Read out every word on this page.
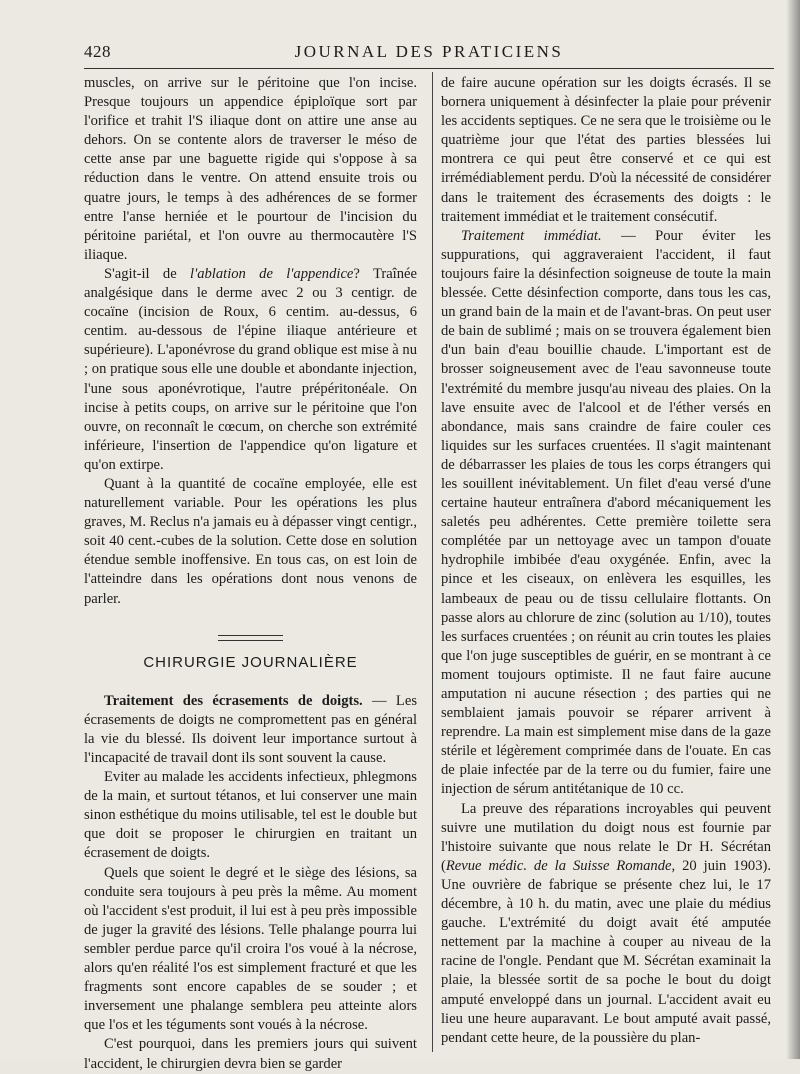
428	JOURNAL DES PRATICIENS

muscles, on arrive sur le péritoine que l'on incise. Presque toujours un appendice épiploïque sort par l'orifice et trahit l'S iliaque dont on attire une anse au dehors. On se contente alors de traverser le méso de cette anse par une baguette rigide qui s'oppose à sa réduction dans le ventre. On attend ensuite trois ou quatre jours, le temps à des adhérences de se former entre l'anse herniée et le pourtour de l'incision du péritoine pariétal, et l'on ouvre au thermocautère l'S iliaque.

S'agit-il de l'ablation de l'appendice? Traînée analgésique dans le derme avec 2 ou 3 centigr. de cocaïne (incision de Roux, 6 centim. au-dessus, 6 centim. au-dessous de l'épine iliaque antérieure et supérieure). L'aponévrose du grand oblique est mise à nu ; on pratique sous elle une double et abondante injection, l'une sous aponévrotique, l'autre prépéritonéale. On incise à petits coups, on arrive sur le péritoine que l'on ouvre, on reconnaît le cœcum, on cherche son extrémité inférieure, l'insertion de l'appendice qu'on ligature et qu'on extirpe.

Quant à la quantité de cocaïne employée, elle est naturellement variable. Pour les opérations les plus graves, M. Reclus n'a jamais eu à dépasser vingt centigr., soit 40 cent.-cubes de la solution. Cette dose en solution étendue semble inoffensive. En tous cas, on est loin de l'atteindre dans les opérations dont nous venons de parler.

CHIRURGIE JOURNALIÈRE

Traitement des écrasements de doigts. — Les écrasements de doigts ne compromettent pas en général la vie du blessé. Ils doivent leur importance surtout à l'incapacité de travail dont ils sont souvent la cause.

Eviter au malade les accidents infectieux, phlegmons de la main, et surtout tétanos, et lui conserver une main sinon esthétique du moins utilisable, tel est le double but que doit se proposer le chirurgien en traitant un écrasement de doigts.

Quels que soient le degré et le siège des lésions, sa conduite sera toujours à peu près la même. Au moment où l'accident s'est produit, il lui est à peu près impossible de juger la gravité des lésions. Telle phalange pourra lui sembler perdue parce qu'il croira l'os voué à la nécrose, alors qu'en réalité l'os est simplement fracturé et que les fragments sont encore capables de se souder ; et inversement une phalange semblera peu atteinte alors que l'os et les téguments sont voués à la nécrose.

C'est pourquoi, dans les premiers jours qui suivent l'accident, le chirurgien devra bien se garder

de faire aucune opération sur les doigts écrasés. Il se bornera uniquement à désinfecter la plaie pour prévenir les accidents septiques. Ce ne sera que le troisième ou le quatrième jour que l'état des parties blessées lui montrera ce qui peut être conservé et ce qui est irrémédiablement perdu. D'où la nécessité de considérer dans le traitement des écrasements des doigts : le traitement immédiat et le traitement consécutif.

Traitement immédiat. — Pour éviter les suppurations, qui aggraveraient l'accident, il faut toujours faire la désinfection soigneuse de toute la main blessée. Cette désinfection comporte, dans tous les cas, un grand bain de la main et de l'avant-bras. On peut user de bain de sublimé ; mais on se trouvera également bien d'un bain d'eau bouillie chaude. L'important est de brosser soigneusement avec de l'eau savonneuse toute l'extrémité du membre jusqu'au niveau des plaies. On la lave ensuite avec de l'alcool et de l'éther versés en abondance, mais sans craindre de faire couler ces liquides sur les surfaces cruentées. Il s'agit maintenant de débarrasser les plaies de tous les corps étrangers qui les souillent inévitablement. Un filet d'eau versé d'une certaine hauteur entraînera d'abord mécaniquement les saletés peu adhérentes. Cette première toilette sera complétée par un nettoyage avec un tampon d'ouate hydrophile imbibée d'eau oxygénée. Enfin, avec la pince et les ciseaux, on enlèvera les esquilles, les lambeaux de peau ou de tissu cellulaire flottants. On passe alors au chlorure de zinc (solution au 1/10), toutes les surfaces cruentées ; on réunit au crin toutes les plaies que l'on juge susceptibles de guérir, en se montrant à ce moment toujours optimiste. Il ne faut faire aucune amputation ni aucune résection ; des parties qui ne semblaient jamais pouvoir se réparer arrivent à reprendre. La main est simplement mise dans de la gaze stérile et légèrement comprimée dans de l'ouate. En cas de plaie infectée par de la terre ou du fumier, faire une injection de sérum antitétanique de 10 cc.

La preuve des réparations incroyables qui peuvent suivre une mutilation du doigt nous est fournie par l'histoire suivante que nous relate le Dr H. Sécrétan (Revue médic. de la Suisse Romande, 20 juin 1903). Une ouvrière de fabrique se présente chez lui, le 17 décembre, à 10 h. du matin, avec une plaie du médius gauche. L'extrémité du doigt avait été amputée nettement par la machine à couper au niveau de la racine de l'ongle. Pendant que M. Sécrétan examinait la plaie, la blessée sortit de sa poche le bout du doigt amputé enveloppé dans un journal. L'accident avait eu lieu une heure auparavant. Le bout amputé avait passé, pendant cette heure, de la poussière du plan-
